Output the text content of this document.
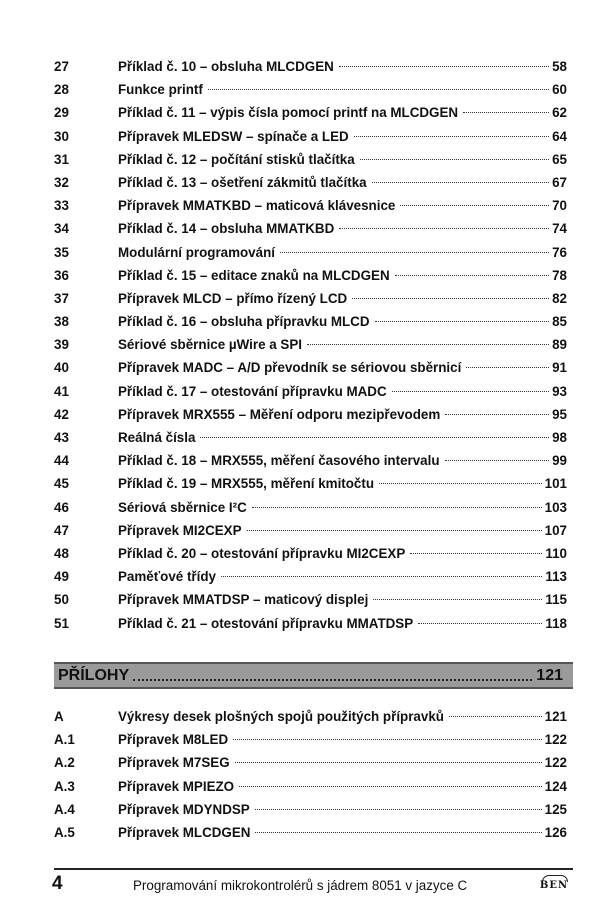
27	Příklad č. 10 – obsluha MLCDGEN	58
28	Funkce printf	60
29	Příklad č. 11 – výpis čísla pomocí printf na MLCDGEN	62
30	Přípravek MLEDSW – spínače a LED	64
31	Příklad č. 12 – počítání stisků tlačítka	65
32	Příklad č. 13 – ošetření zákmitů tlačítka	67
33	Přípravek MMATKBD – maticová klávesnice	70
34	Příklad č. 14 – obsluha MMATKBD	74
35	Modulární programování	76
36	Příklad č. 15 – editace znaků na MLCDGEN	78
37	Přípravek MLCD – přímo řízený LCD	82
38	Příklad č. 16 – obsluha přípravku MLCD	85
39	Sériové sběrnice µWire a SPI	89
40	Přípravek MADC – A/D převodník se sériovou sběrnicí	91
41	Příklad č. 17 – otestování přípravku MADC	93
42	Přípravek MRX555 – Měření odporu mezipřevodem	95
43	Reálná čísla	98
44	Příklad č. 18 – MRX555, měření časového intervalu	99
45	Příklad č. 19 – MRX555, měření kmitočtu	101
46	Sériová sběrnice I²C	103
47	Přípravek MI2CEXP	107
48	Příklad č. 20 – otestování přípravku MI2CEXP	110
49	Paměťové třídy	113
50	Přípravek MMATDSP – maticový displej	115
51	Příklad č. 21 – otestování přípravku MMATDSP	118
PŘÍLOHY	121
A	Výkresy desek plošných spojů použitých přípravků	121
A.1	Přípravek M8LED	122
A.2	Přípravek M7SEG	122
A.3	Přípravek MPIEZO	124
A.4	Přípravek MDYNDSP	125
A.5	Přípravek MLCDGEN	126
4	Programování mikrokontrolérů s jádrem 8051 v jazyce C	BEN
